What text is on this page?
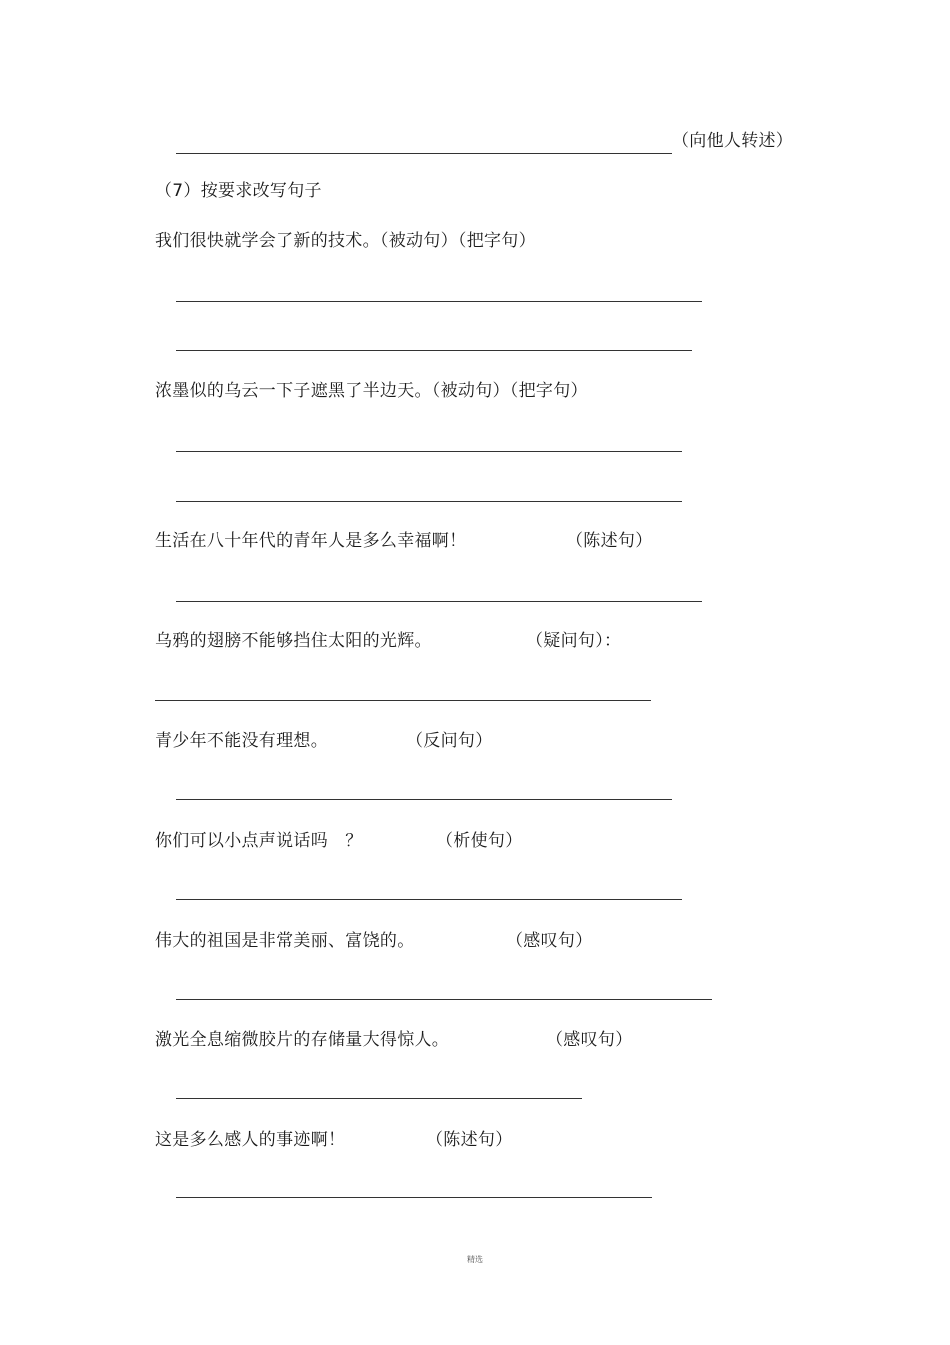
（向他人转述）
（7）按要求改写句子
我们很快就学会了新的技术。（被动句）（把字句）
浓墨似的乌云一下子遮黑了半边天。（被动句）（把字句）
生活在八十年代的青年人是多么幸福啊！	（陈述句）
乌鸦的翅膀不能够挡住太阳的光辉。	（疑问句）：
青少年不能没有理想。	（反问句）
你们可以小点声说话吗　？	（析使句）
伟大的祖国是非常美丽、富饶的。	（感叹句）
激光全息缩微胶片的存储量大得惊人。	（感叹句）
这是多么感人的事迹啊！	（陈述句）
精选
